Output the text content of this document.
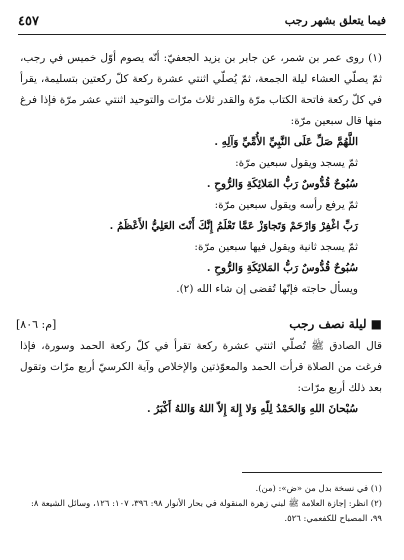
فيما يتعلق بشهر رجب
٤٥٧

(١) روى عمر بن شمر، عن جابر بن يزيد الجعفيّ: أنّه يصوم أوّل خميس في رجب، ثمّ يصلّي العشاء ليلة الجمعة، ثمّ يُصلّي اثنتي عشرة ركعة كلّ ركعتين بتسليمة، يقرأ في كلّ ركعة فاتحة الكتاب مرّة والقدر ثلاث مرّات والتوحيد اثنتي عشر مرّة فإذا فرغ منها قال سبعين مرّة:

اللَّهُمَّ صَلِّ عَلَى النَّبِيِّ الأُمِّيِّ وَآلِهِ .

ثمّ يسجد ويقول سبعين مرّة:

سُبُوحٌ قُدُّوسٌ رَبُّ المَلائِكَةِ وَالرُّوحِ .

ثمّ يرفع رأسه ويقول سبعين مرّة:

رَبِّ اغْفِرْ وَارْحَمْ وَتَجاوَزْ عَمَّا تَعْلَمُ إِنَّكَ أَنْتَ العَلِيُّ الأَعْظَمُ .

ثمّ يسجد ثانية ويقول فيها سبعين مرّة:

سُبُوحٌ قُدُّوسٌ رَبُّ المَلائِكَةِ وَالرُّوحِ .

ويسأل حاجته فإنّها تُقضى إن شاء الله (٢).

■ ليلة نصف رجب
[م: ٨٠٦]

قال الصادق ﷺ تُصلّي اثنتي عشرة ركعة تقرأ في كلّ ركعة الحمد وسورة، فإذا فرغت من الصلاة قرأت الحمد والمعوّذتين والإخلاص وآية الكرسيّ أربع مرّات وتقول بعد ذلك أربع مرّات:

سُبْحانَ اللهِ وَالحَمْدُ لِلّهِ وَلا إِلهَ إِلاّ اللهُ وَاللهُ أَكْبَرُ .

(١) في نسخة بدل من «ض»: (من).

(٢) انظر: إجازة العلامة ﷺ لبني زهرة المنقولة في بحار الأنوار ٩٨: ٣٩٦، ١٠٧: ١٢٦، وسائل الشيعة ٨: ٩٩، المصباح للكفعمي: ٥٢٦.
